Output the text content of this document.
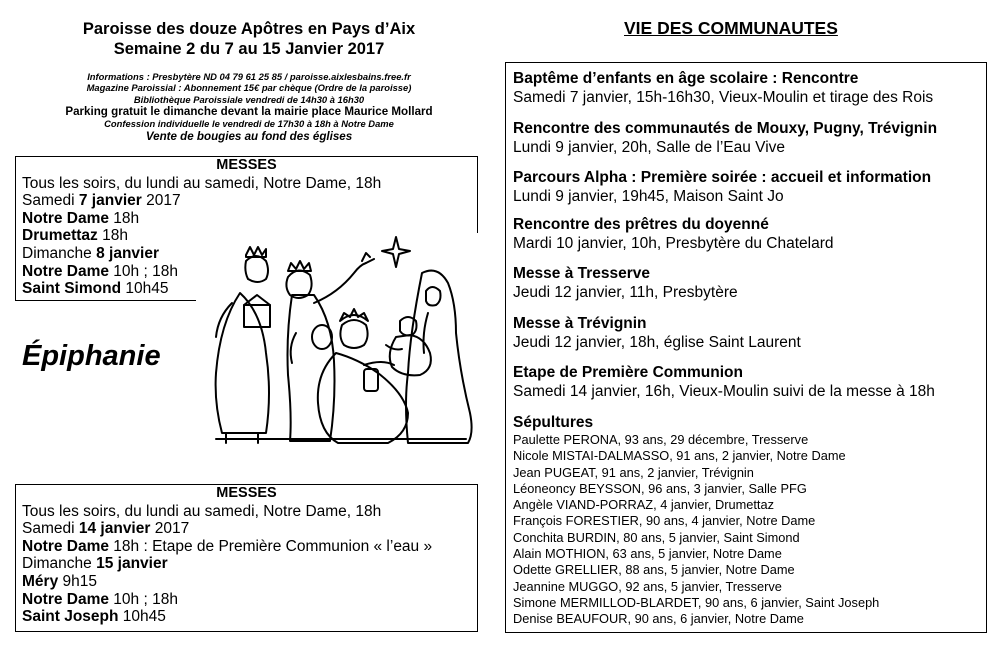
Paroisse des douze Apôtres en Pays d’Aix
Semaine 2 du 7 au 15 Janvier 2017
Informations : Presbytère ND 04 79 61 25 85 / paroisse.aixlesbains.free.fr
Magazine Paroissial : Abonnement 15€ par chèque (Ordre de la paroisse)
Bibliothèque Paroissiale vendredi de 14h30 à 16h30
Parking gratuit le dimanche devant la mairie place Maurice Mollard
Confession individuelle le vendredi de 17h30 à 18h à Notre Dame
Vente de bougies au fond des églises
MESSES
Tous les soirs, du lundi au samedi, Notre Dame, 18h
Samedi 7 janvier 2017
Notre Dame 18h
Drumettaz 18h
Dimanche 8 janvier
Notre Dame 10h ; 18h
Saint Simond 10h45
Épiphanie
MESSES
Tous les soirs, du lundi au samedi, Notre Dame, 18h
Samedi 14 janvier 2017
Notre Dame 18h : Etape de Première Communion « l’eau »
Dimanche 15 janvier
Méry 9h15
Notre Dame 10h ; 18h
Saint Joseph 10h45
VIE DES COMMUNAUTES
Baptême d’enfants en âge scolaire : Rencontre
Samedi 7 janvier, 15h-16h30, Vieux-Moulin et tirage des Rois
Rencontre des communautés de Mouxy, Pugny, Trévignin
Lundi 9 janvier, 20h, Salle de l’Eau Vive
Parcours Alpha : Première soirée : accueil et information
Lundi 9 janvier, 19h45, Maison Saint Jo
Rencontre des prêtres du doyenné
Mardi 10 janvier, 10h, Presbytère du Chatelard
Messe à Tresserve
Jeudi 12 janvier, 11h, Presbytère
Messe à Trévignin
Jeudi 12 janvier, 18h, église Saint Laurent
Etape de Première Communion
Samedi 14 janvier, 16h, Vieux-Moulin suivi de la messe à 18h
Sépultures
Paulette PERONA, 93 ans, 29 décembre, Tresserve
Nicole MISTAI-DALMASSO, 91 ans, 2 janvier, Notre Dame
Jean PUGEAT, 91 ans, 2 janvier, Trévignin
Léoneoncy BEYSSON, 96 ans, 3 janvier, Salle PFG
Angèle VIAND-PORRAZ, 4 janvier, Drumettaz
François FORESTIER, 90 ans, 4 janvier, Notre Dame
Conchita BURDIN, 80 ans, 5 janvier, Saint Simond
Alain MOTHION, 63 ans, 5 janvier, Notre Dame
Odette GRELLIER, 88 ans, 5 janvier, Notre Dame
Jeannine MUGGO, 92 ans, 5 janvier, Tresserve
Simone MERMILLOD-BLARDET, 90 ans, 6 janvier, Saint Joseph
Denise BEAUFOUR, 90 ans, 6 janvier, Notre Dame
